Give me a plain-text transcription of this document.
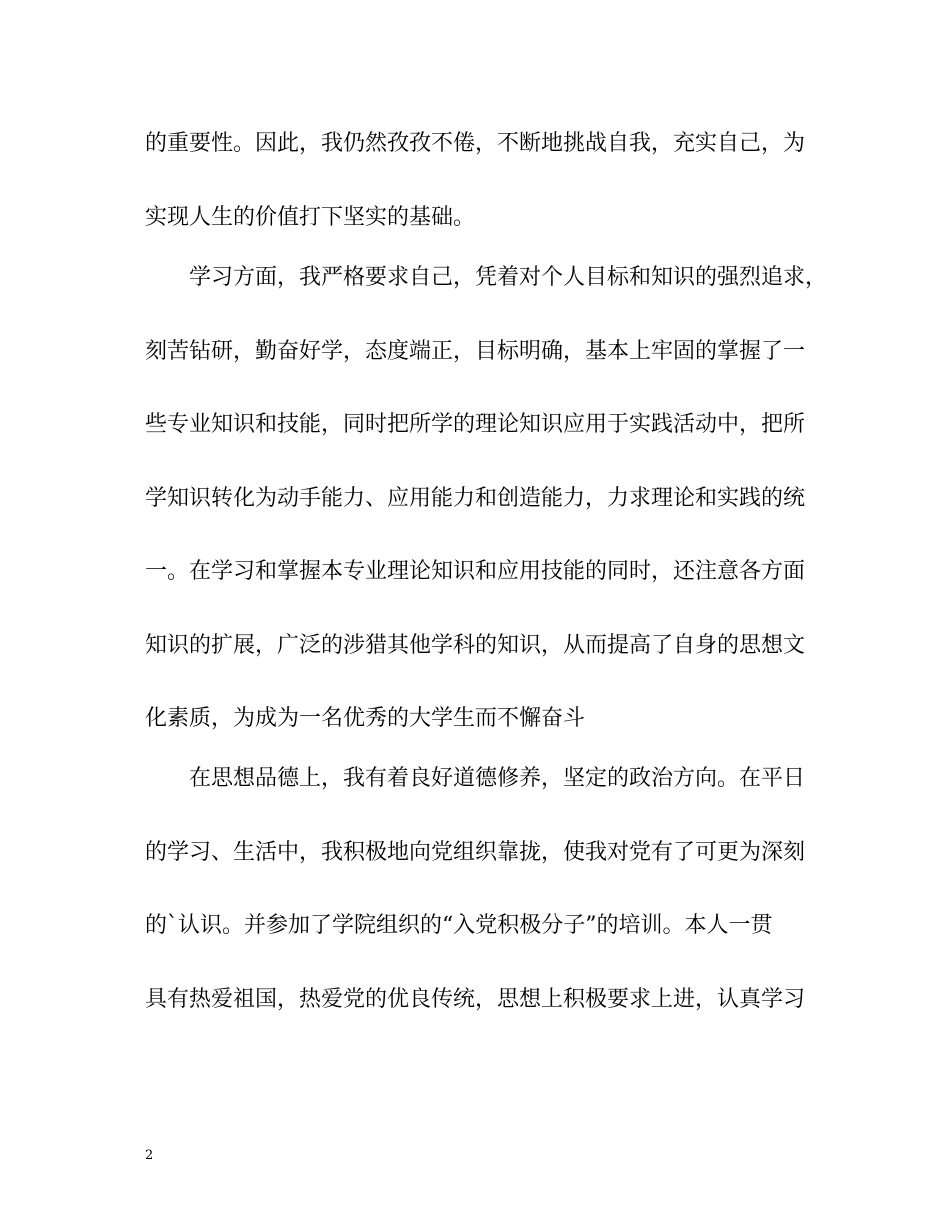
的重要性。因此，我仍然孜孜不倦，不断地挑战自我，充实自己，为
实现人生的价值打下坚实的基础。
学习方面，我严格要求自己，凭着对个人目标和知识的强烈追求，
刻苦钻研，勤奋好学，态度端正，目标明确，基本上牢固的掌握了一
些专业知识和技能，同时把所学的理论知识应用于实践活动中，把所
学知识转化为动手能力、应用能力和创造能力，力求理论和实践的统
一。在学习和掌握本专业理论知识和应用技能的同时，还注意各方面
知识的扩展，广泛的涉猎其他学科的知识，从而提高了自身的思想文
化素质，为成为一名优秀的大学生而不懈奋斗
在思想品德上，我有着良好道德修养，坚定的政治方向。在平日
的学习、生活中，我积极地向党组织靠拢，使我对党有了可更为深刻
的`认识。并参加了学院组织的“入党积极分子”的培训。本人一贯
具有热爱祖国，热爱党的优良传统，思想上积极要求上进，认真学习
2
